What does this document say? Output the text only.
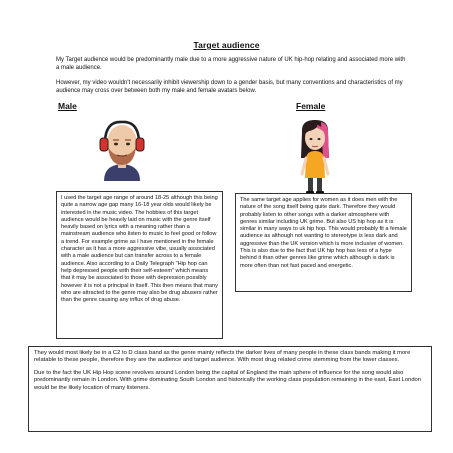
Target audience

My Target audience would be predominantly male due to a more aggressive nature of UK hip-hop relating and associated more with a male audience.

However, my video wouldn't necessarily inhibit viewership down to a gender basis, but many conventions and characteristics of my audience may cross over between both my male and female avatars below.

Male	Female
I used the target age range of around 18-25 although this being quite a narrow age gap many 16-18 year olds would likely be interested in the music video. The hobbies of this target audience would be heavily laid on music with the genre itself heavily based on lyrics with a meaning rather than a mainstream audience who listen to music to feel good or follow a trend. For example grime as I have mentioned in the female character as it has a more aggressive vibe, usually associated with a male audience but can transfer across to a female audience. Also according to a Daily Telegraph "Hip hop can help depressed people with their self-esteem" which means that it may be associated to those with depression possibly however it is not a principal in itself. This then means that many who are attracted to the genre may also be drug abusers rather than the genre causing any influx of drug abuse.
The same target age applies for women as it does men with the nature of the song itself being quite dark. Therefore they would probably listen to other songs with a darker atmosphere with genres similar including UK grime. But also US hip hop as it is similar in many ways to uk hip hop. This would probably fit a female audience as although not wanting to stereotype is less dark and aggressive than the UK version which is more inclusive of women. This is also due to the fact that UK hip hop has less of a hype behind it than other genres like grime which although is dark is more often than not fast paced and energetic.

They would most likely be in a C2 to D class band as the genre mainly reflects the darker lives of many people in these class bands making it more relatable to these people, therefore they are the audience and target audience. With most drug related crime stemming from the lower classes.

Due to the fact the UK Hip Hop scene revolves around London being the capital of England the main sphere of influence for the song would also predominantly remain in London. With grime dominating South London and historically the working class population remaining in the east, East London would be the likely location of many listeners.
